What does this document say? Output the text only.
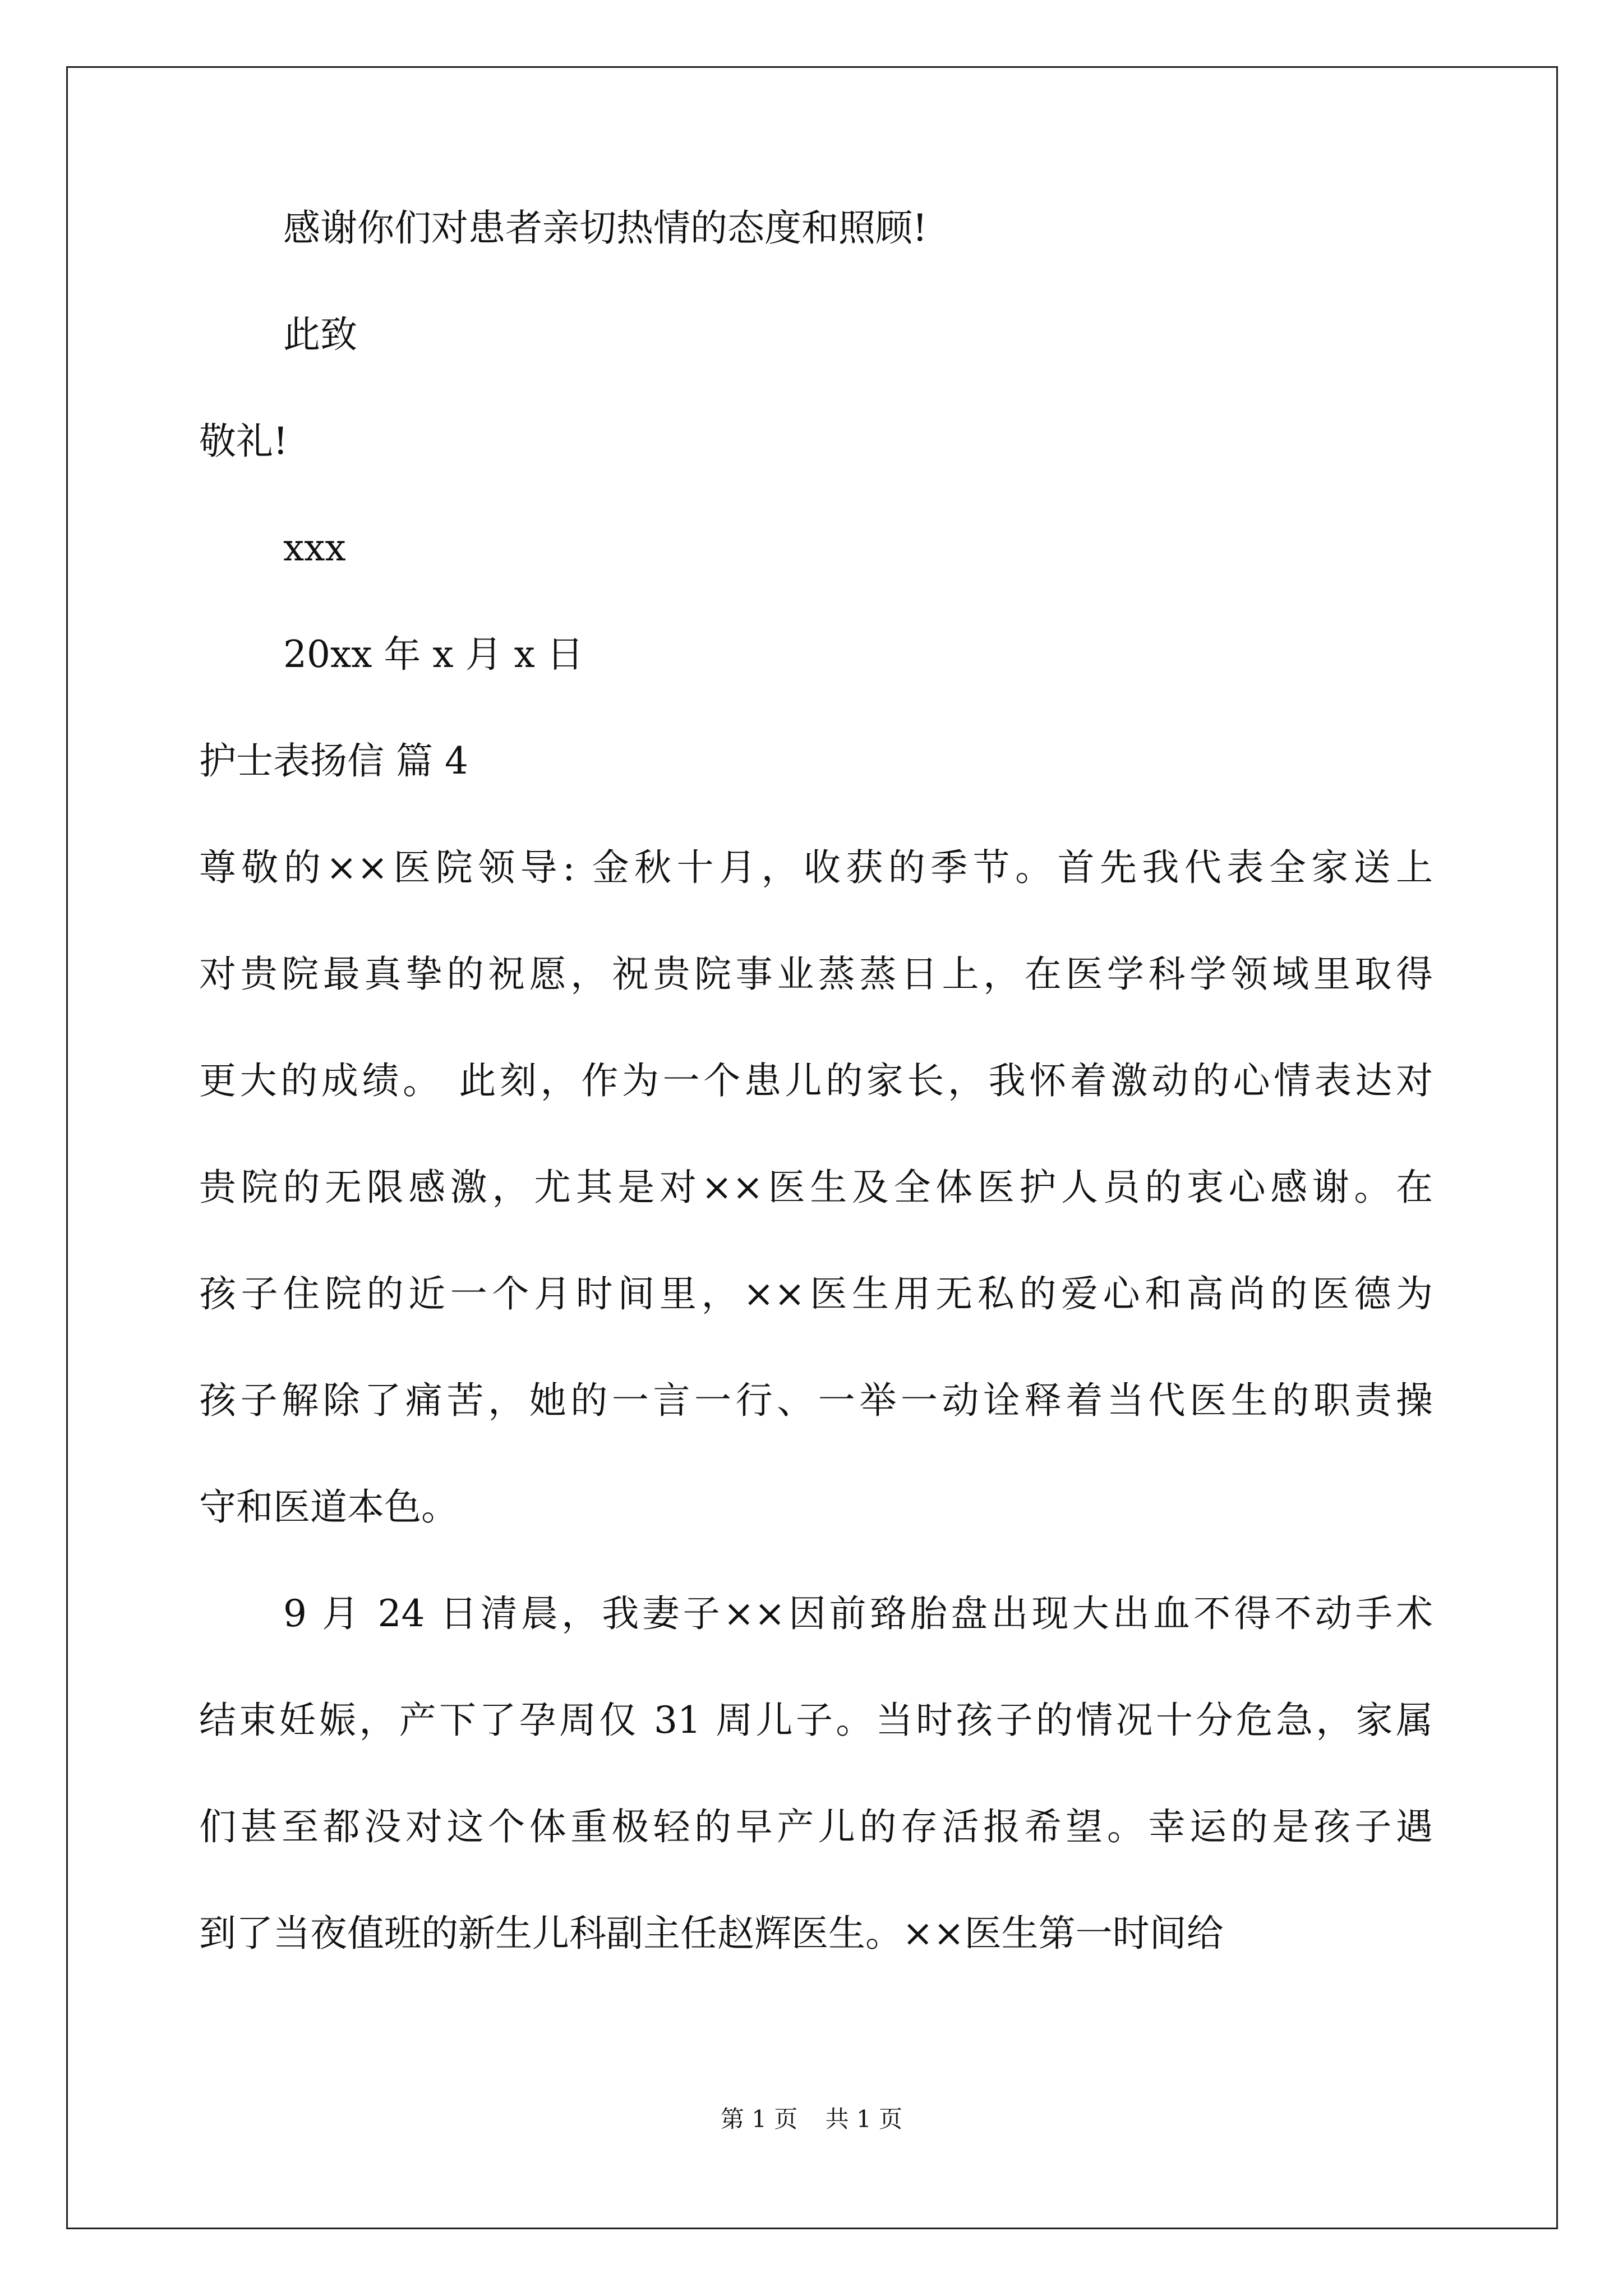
感谢你们对患者亲切热情的态度和照顾!
此致
敬礼!
xxx
20xx 年 x 月 x 日
护士表扬信 篇 4
尊敬的××医院领导: 金秋十月，收获的季节。首先我代表全家送上
对贵院最真挚的祝愿，祝贵院事业蒸蒸日上，在医学科学领域里取得
更大的成绩。 此刻，作为一个患儿的家长，我怀着激动的心情表达对
贵院的无限感激，尤其是对××医生及全体医护人员的衷心感谢。在
孩子住院的近一个月时间里，××医生用无私的爱心和高尚的医德为
孩子解除了痛苦，她的一言一行、一举一动诠释着当代医生的职责操
守和医道本色。
9 月 24 日清晨，我妻子××因前臵胎盘出现大出血不得不动手术
结束妊娠，产下了孕周仅 31 周儿子。当时孩子的情况十分危急，家属
们甚至都没对这个体重极轻的早产儿的存活报希望。幸运的是孩子遇
到了当夜值班的新生儿科副主任赵辉医生。××医生第一时间给
第 1 页 共 1 页
